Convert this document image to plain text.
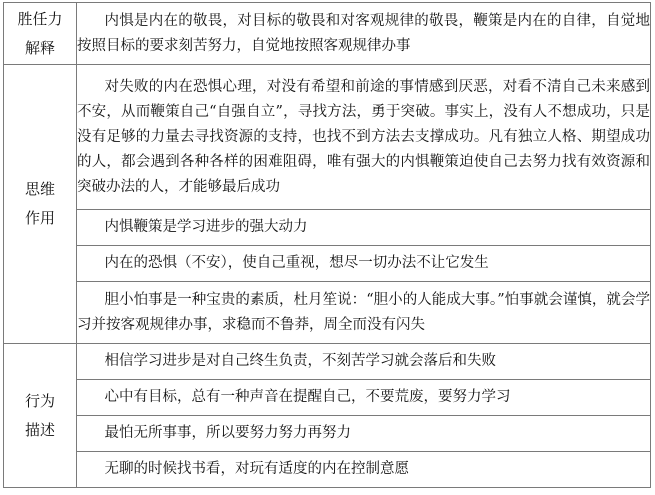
胜任力
解释	内惧是内在的敬畏，对目标的敬畏和对客观规律的敬畏，鞭策是内在的自律，自觉地按照目标的要求刻苦努力，自觉地按照客观规律办事

思维
作用	对失败的内在恐惧心理，对没有希望和前途的事情感到厌恶，对看不清自己未来感到不安，从而鞭策自己“自强自立”，寻找方法，勇于突破。事实上，没有人不想成功，只是没有足够的力量去寻找资源的支持，也找不到方法去支撑成功。凡有独立人格、期望成功的人，都会遇到各种各样的困难阻碍，唯有强大的内惧鞭策迫使自己去努力找有效资源和突破办法的人，才能够最后成功

	内惧鞭策是学习进步的强大动力

	内在的恐惧（不安），使自己重视，想尽一切办法不让它发生

	胆小怕事是一种宝贵的素质，杜月笙说：“胆小的人能成大事。”怕事就会谨慎，就会学习并按客观规律办事，求稳而不鲁莽，周全而没有闪失

行为
描述	相信学习进步是对自己终生负责，不刻苦学习就会落后和失败

	心中有目标，总有一种声音在提醒自己，不要荒废，要努力学习

	最怕无所事事，所以要努力努力再努力

	无聊的时候找书看，对玩有适度的内在控制意愿
